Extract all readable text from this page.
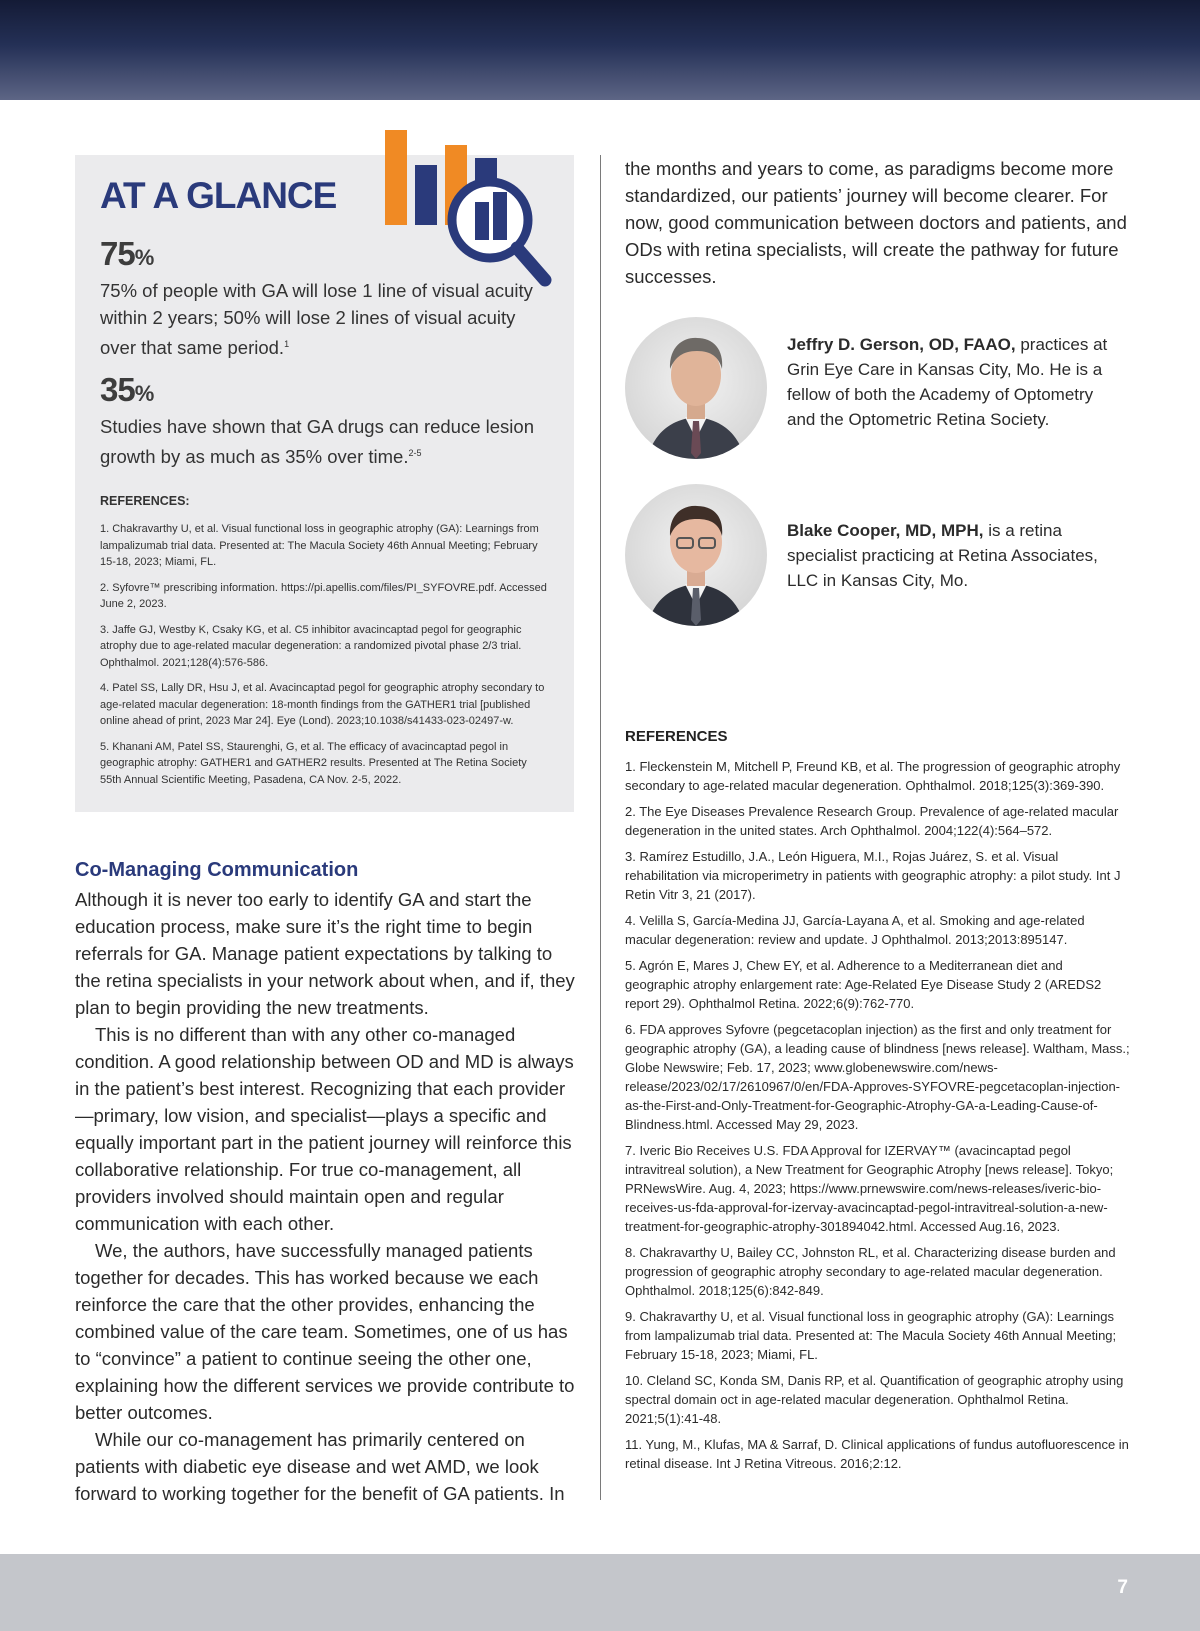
AT A GLANCE
75%
75% of people with GA will lose 1 line of visual acuity within 2 years; 50% will lose 2 lines of visual acuity over that same period.$^1$
35%
Studies have shown that GA drugs can reduce lesion growth by as much as 35% over time.$^{2-5}$
REFERENCES:
1. Chakravarthy U, et al. Visual functional loss in geographic atrophy (GA): Learnings from lampalizumab trial data. Presented at: The Macula Society 46th Annual Meeting; February 15-18, 2023; Miami, FL.
2. Syfovre™ prescribing information. https://pi.apellis.com/files/PI_SYFOVRE.pdf. Accessed June 2, 2023.
3. Jaffe GJ, Westby K, Csaky KG, et al. C5 inhibitor avacincaptad pegol for geographic atrophy due to age-related macular degeneration: a randomized pivotal phase 2/3 trial. Ophthalmol. 2021;128(4):576-586.
4. Patel SS, Lally DR, Hsu J, et al. Avacincaptad pegol for geographic atrophy secondary to age-related macular degeneration: 18-month findings from the GATHER1 trial [published online ahead of print, 2023 Mar 24]. Eye (Lond). 2023;10.1038/s41433-023-02497-w.
5. Khanani AM, Patel SS, Staurenghi, G, et al. The efficacy of avacincaptad pegol in geographic atrophy: GATHER1 and GATHER2 results. Presented at The Retina Society 55th Annual Scientific Meeting, Pasadena, CA Nov. 2-5, 2022.
Co-Managing Communication

Although it is never too early to identify GA and start the education process, make sure it’s the right time to begin referrals for GA. Manage patient expectations by talking to the retina specialists in your network about when, and if, they plan to begin providing the new treatments.

This is no different than with any other co-managed condition. A good relationship between OD and MD is always in the patient’s best interest. Recognizing that each provider—primary, low vision, and specialist—plays a specific and equally important part in the patient journey will reinforce this collaborative relationship. For true co-management, all providers involved should maintain open and regular communication with each other.

We, the authors, have successfully managed patients together for decades. This has worked because we each reinforce the care that the other provides, enhancing the combined value of the care team. Sometimes, one of us has to “convince” a patient to continue seeing the other one, explaining how the different services we provide contribute to better outcomes.

While our co-management has primarily centered on patients with diabetic eye disease and wet AMD, we look forward to working together for the benefit of GA patients. In

the months and years to come, as paradigms become more standardized, our patients’ journey will become clearer. For now, good communication between doctors and patients, and ODs with retina specialists, will create the pathway for future successes.
Jeffry D. Gerson, OD, FAAO, practices at Grin Eye Care in Kansas City, Mo. He is a fellow of both the Academy of Optometry and the Optometric Retina Society.
Blake Cooper, MD, MPH, is a retina specialist practicing at Retina Associates, LLC in Kansas City, Mo.
REFERENCES
1. Fleckenstein M, Mitchell P, Freund KB, et al. The progression of geographic atrophy secondary to age-related macular degeneration. Ophthalmol. 2018;125(3):369-390.
2. The Eye Diseases Prevalence Research Group. Prevalence of age-related macular degeneration in the united states. Arch Ophthalmol. 2004;122(4):564–572.
3. Ramírez Estudillo, J.A., León Higuera, M.I., Rojas Juárez, S. et al. Visual rehabilitation via microperimetry in patients with geographic atrophy: a pilot study. Int J Retin Vitr 3, 21 (2017).
4. Velilla S, García-Medina JJ, García-Layana A, et al. Smoking and age-related macular degeneration: review and update. J Ophthalmol. 2013;2013:895147.
5. Agrón E, Mares J, Chew EY, et al. Adherence to a Mediterranean diet and geographic atrophy enlargement rate: Age-Related Eye Disease Study 2 (AREDS2 report 29). Ophthalmol Retina. 2022;6(9):762-770.
6. FDA approves Syfovre (pegcetacoplan injection) as the first and only treatment for geographic atrophy (GA), a leading cause of blindness [news release]. Waltham, Mass.; Globe Newswire; Feb. 17, 2023; www.globenewswire.com/news-release/2023/02/17/2610967/0/en/FDA-Approves-SYFOVRE-pegcetacoplan-injection-as-the-First-and-Only-Treatment-for-Geographic-Atrophy-GA-a-Leading-Cause-of-Blindness.html. Accessed May 29, 2023.
7. Iveric Bio Receives U.S. FDA Approval for IZERVAY™ (avacincaptad pegol intravitreal solution), a New Treatment for Geographic Atrophy [news release]. Tokyo; PRNewsWire. Aug. 4, 2023; https://www.prnewswire.com/news-releases/iveric-bio-receives-us-fda-approval-for-izervay-avacincaptad-pegol-intravitreal-solution-a-new-treatment-for-geographic-atrophy-301894042.html. Accessed Aug.16, 2023.
8. Chakravarthy U, Bailey CC, Johnston RL, et al. Characterizing disease burden and progression of geographic atrophy secondary to age-related macular degeneration. Ophthalmol. 2018;125(6):842-849.
9. Chakravarthy U, et al. Visual functional loss in geographic atrophy (GA): Learnings from lampalizumab trial data. Presented at: The Macula Society 46th Annual Meeting; February 15-18, 2023; Miami, FL.
10. Cleland SC, Konda SM, Danis RP, et al. Quantification of geographic atrophy using spectral domain oct in age-related macular degeneration. Ophthalmol Retina. 2021;5(1):41-48.
11. Yung, M., Klufas, MA & Sarraf, D. Clinical applications of fundus autofluorescence in retinal disease. Int J Retina Vitreous. 2016;2:12.
7
